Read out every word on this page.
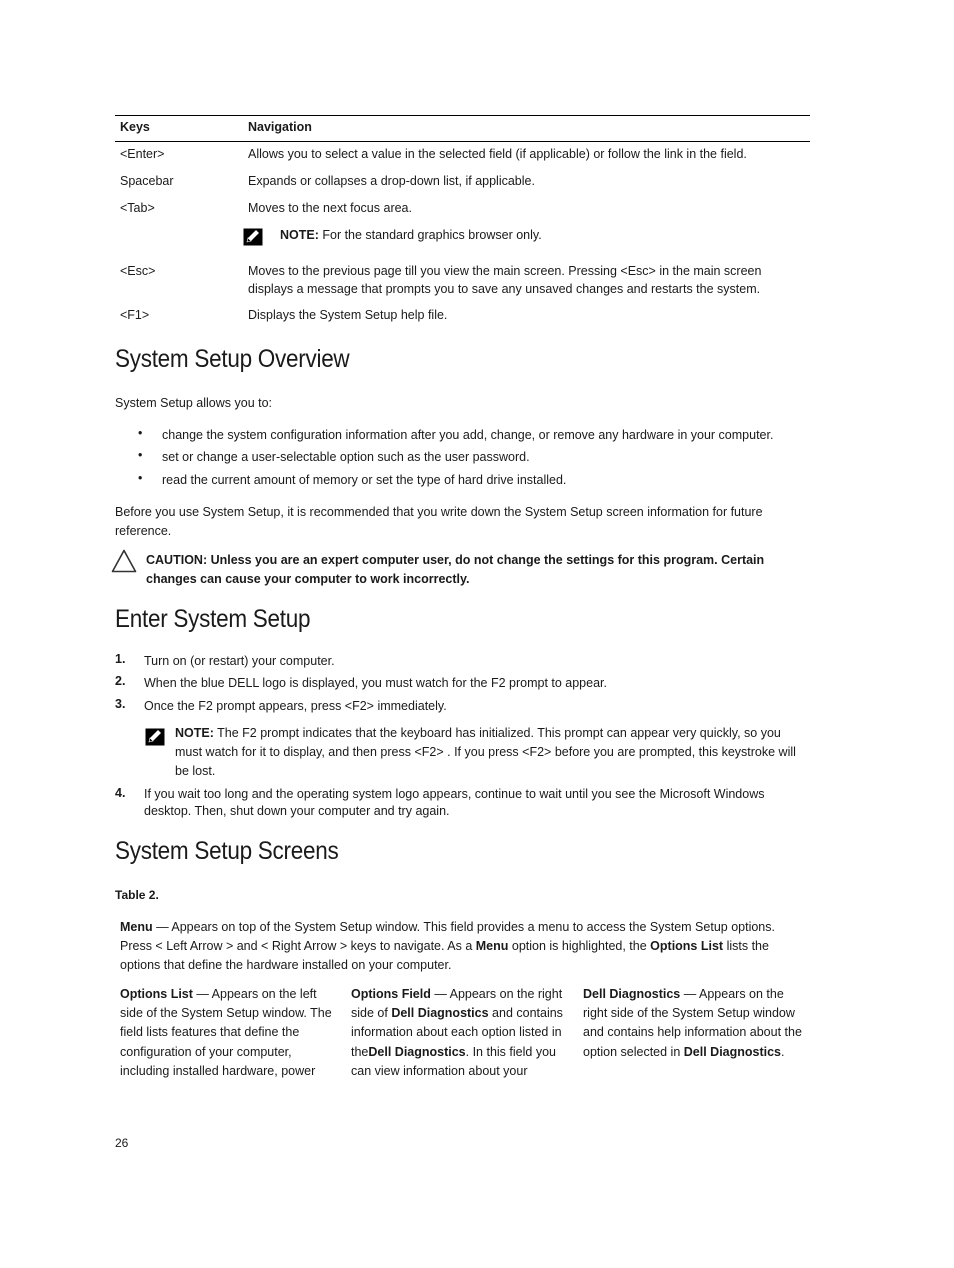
Keys	Navigation
<Enter>	Allows you to select a value in the selected field (if applicable) or follow the link in the field.
Spacebar	Expands or collapses a drop-down list, if applicable.
<Tab>	Moves to the next focus area.
NOTE: For the standard graphics browser only.
<Esc>	Moves to the previous page till you view the main screen. Pressing <Esc> in the main screen displays a message that prompts you to save any unsaved changes and restarts the system.
<F1>	Displays the System Setup help file.
System Setup Overview
System Setup allows you to:
• change the system configuration information after you add, change, or remove any hardware in your computer.
• set or change a user-selectable option such as the user password.
• read the current amount of memory or set the type of hard drive installed.
Before you use System Setup, it is recommended that you write down the System Setup screen information for future reference.
CAUTION: Unless you are an expert computer user, do not change the settings for this program. Certain changes can cause your computer to work incorrectly.
Enter System Setup
1. Turn on (or restart) your computer.
2. When the blue DELL logo is displayed, you must watch for the F2 prompt to appear.
3. Once the F2 prompt appears, press <F2> immediately.
NOTE: The F2 prompt indicates that the keyboard has initialized. This prompt can appear very quickly, so you must watch for it to display, and then press <F2> . If you press <F2> before you are prompted, this keystroke will be lost.
4. If you wait too long and the operating system logo appears, continue to wait until you see the Microsoft Windows desktop. Then, shut down your computer and try again.
System Setup Screens
Table 2.
Menu — Appears on top of the System Setup window. This field provides a menu to access the System Setup options. Press < Left Arrow > and < Right Arrow > keys to navigate. As a Menu option is highlighted, the Options List lists the options that define the hardware installed on your computer.
Options List — Appears on the left side of the System Setup window. The field lists features that define the configuration of your computer, including installed hardware, power
Options Field — Appears on the right side of Dell Diagnostics and contains information about each option listed in theDell Diagnostics. In this field you can view information about your
Dell Diagnostics — Appears on the right side of the System Setup window and contains help information about the option selected in Dell Diagnostics.
26
